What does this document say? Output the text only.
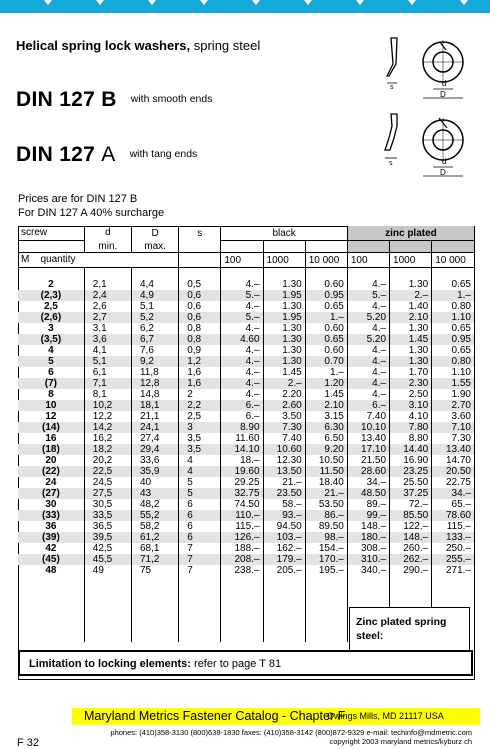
Helical spring lock washers, spring steel
DIN 127 B $^{with smooth ends}$
DIN 127 A $^{with tang ends}$
s	d
D
s	d
D
Prices are for DIN 127 B
For DIN 127 A 40% surcharge
screw	d	D	s	black			zinc plated		
	min.	max.							
M quantity				100	1000	10 000	100	1000	10 000

2	2,1	4,4	0,5	4.–	1.30	0.60	4.–	1.30	0.65
(2,3)	2,4	4,9	0,6	5.–	1.95	0.95	5.–	2.–	1.–
2,5	2,6	5,1	0,6	4.–	1.30	0.65	4.–	1.40	0.80
(2,6)	2,7	5,2	0,6	5.–	1.95	1.–	5.20	2.10	1.10
3	3,1	6,2	0,8	4.–	1.30	0.60	4.–	1.30	0.65
(3,5)	3,6	6,7	0,8	4.60	1.30	0.65	5.20	1.45	0.95
4	4,1	7,6	0,9	4.–	1.30	0.60	4.–	1.30	0.65
5	5,1	9,2	1,2	4.–	1.30	0.70	4.–	1.30	0.80
6	6,1	11,8	1,6	4.–	1.45	1.–	4.–	1.70	1.10
(7)	7,1	12,8	1,6	4.–	2.–	1.20	4.–	2.30	1.55
8	8,1	14,8	2	4.–	2.20	1.45	4.–	2.50	1.90
10	10,2	18,1	2,2	6.–	2.60	2.10	6.–	3.10	2.70
12	12,2	21,1	2,5	6.–	3.50	3.15	7.40	4.10	3.60
(14)	14,2	24,1	3	8.90	7.30	6.30	10.10	7.80	7.10
16	16,2	27,4	3,5	11.60	7.40	6.50	13.40	8.80	7.30
(18)	18,2	29,4	3,5	14.10	10.60	9.20	17.10	14.40	13.40
20	20,2	33,6	4	18.–	12.30	10.50	21.50	16.90	14.70
(22)	22,5	35,9	4	19.60	13.50	11.50	28.60	23.25	20.50
24	24,5	40	5	29.25	21.–	18.40	34.–	25.50	22.75
(27)	27,5	43	5	32.75	23.50	21.–	48.50	37.25	34.–
30	30,5	48,2	6	74.50	58.–	53.50	89.–	72.–	65.–
(33)	33,5	55,2	6	110.–	93.–	86.–	99.–	85.50	78.60
36	36,5	58,2	6	115.–	94.50	89.50	148.–	122.–	115.–
(39)	39,5	61,2	6	126.–	103.–	98.–	180.–	148.–	133.–
42	42,5	68,1	7	188.–	162.–	154.–	308.–	260.–	250.–
(45)	45,5	71,2	7	208.–	179.–	170.–	310.–	262.–	255.–
48	49	75	7	238.–	205.–	195.–	340.–	290.–	271.–

Zinc plated spring steel:
Limitation to locking elements: refer to page T 81
Maryland Metrics Fastener Catalog - Chapter F
Owings Mills, MD 21117 USA
phones: (410)358-3130 (800)638-1830 faxes: (410)358-3142 (800)872-9329 e-mail: techinfo@mdmetric.com
copyright 2003 maryland metrics/kyburz ch
F 32
